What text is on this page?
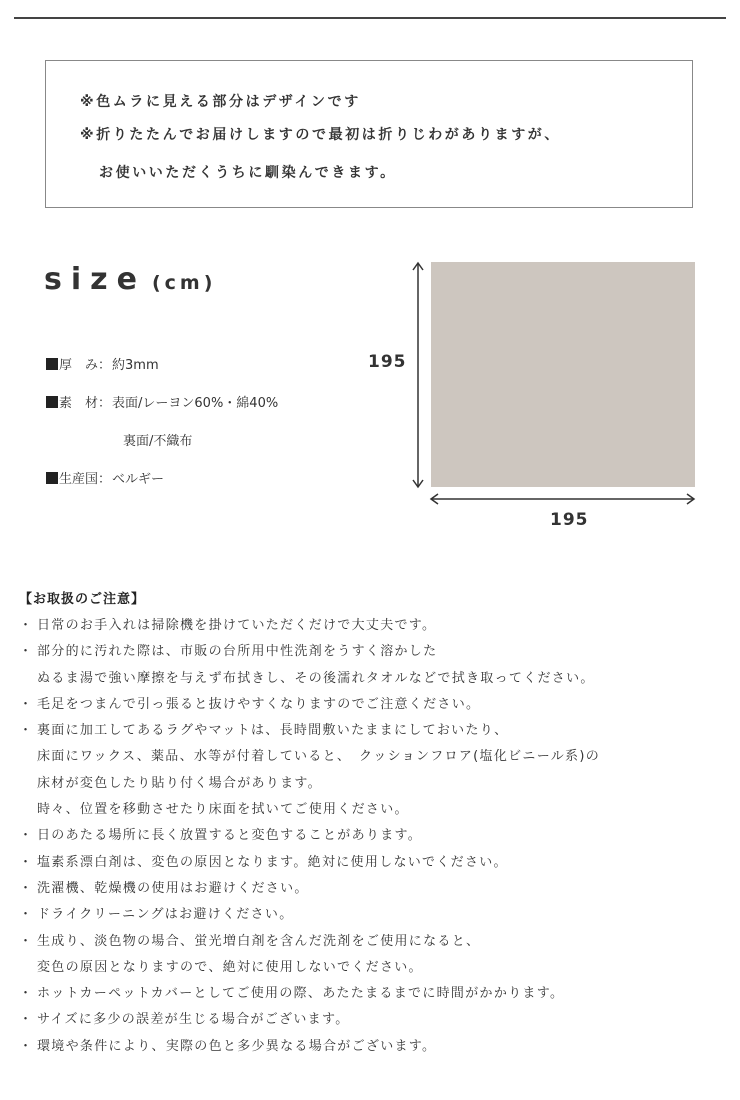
※色ムラに見える部分はデザインです
※折りたたんでお届けしますので最初は折りじわがありますが、
お使いいただくうちに馴染んできます。
size (cm)
厚　み：約3mm
素　材：表面/レーヨン60%・綿40%
裏面/不織布
生産国：ベルギー
195
195
【お取扱のご注意】
・ 日常のお手入れは掃除機を掛けていただくだけで大丈夫です。
・ 部分的に汚れた際は、市販の台所用中性洗剤をうすく溶かした
ぬるま湯で強い摩擦を与えず布拭きし、その後濡れタオルなどで拭き取ってください。
・ 毛足をつまんで引っ張ると抜けやすくなりますのでご注意ください。
・ 裏面に加工してあるラグやマットは、長時間敷いたままにしておいたり、
床面にワックス、薬品、水等が付着していると、　クッションフロア(塩化ビニール系)の
床材が変色したり貼り付く場合があります。
時々、位置を移動させたり床面を拭いてご使用ください。
・ 日のあたる場所に長く放置すると変色することがあります。
・ 塩素系漂白剤は、変色の原因となります。絶対に使用しないでください。
・ 洗濯機、乾燥機の使用はお避けください。
・ ドライクリーニングはお避けください。
・ 生成り、淡色物の場合、蛍光増白剤を含んだ洗剤をご使用になると、
変色の原因となりますので、絶対に使用しないでください。
・ ホットカーペットカバーとしてご使用の際、あたたまるまでに時間がかかります。
・ サイズに多少の誤差が生じる場合がございます。
・ 環境や条件により、実際の色と多少異なる場合がございます。
